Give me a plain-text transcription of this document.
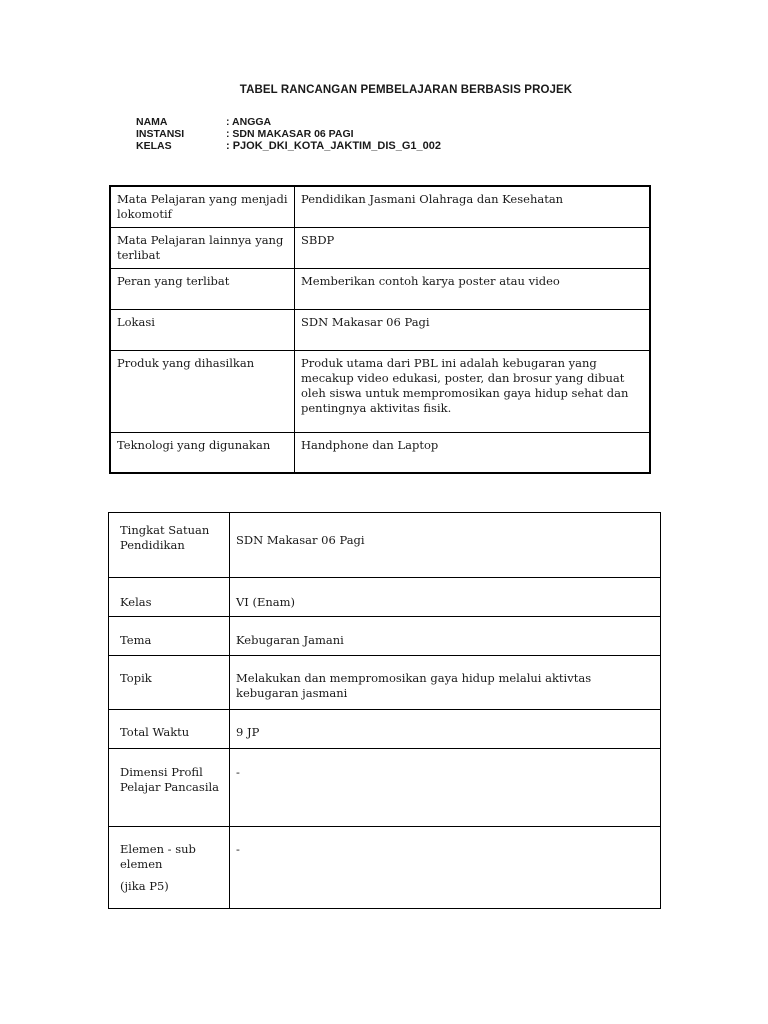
TABEL RANCANGAN PEMBELAJARAN BERBASIS PROJEK
NAMA	: ANGGA
INSTANSI	: SDN MAKASAR 06 PAGI
KELAS	: PJOK_DKI_KOTA_JAKTIM_DIS_G1_002
Mata Pelajaran yang menjadi lokomotif	Pendidikan Jasmani Olahraga dan Kesehatan
Mata Pelajaran lainnya yang terlibat	SBDP
Peran yang terlibat	Memberikan contoh karya poster atau video
Lokasi	SDN Makasar 06 Pagi
Produk yang dihasilkan	Produk utama dari PBL ini adalah kebugaran yang mecakup video edukasi, poster, dan brosur yang dibuat oleh siswa untuk mempromosikan gaya hidup sehat dan pentingnya aktivitas fisik.
Teknologi yang digunakan	Handphone dan Laptop
Tingkat Satuan Pendidikan	SDN Makasar 06 Pagi
Kelas	VI (Enam)
Tema	Kebugaran Jamani
Topik	Melakukan dan mempromosikan gaya hidup melalui aktivtas kebugaran jasmani
Total Waktu	9 JP
Dimensi Profil Pelajar Pancasila	-
Elemen - sub elemen
(jika P5)	-
